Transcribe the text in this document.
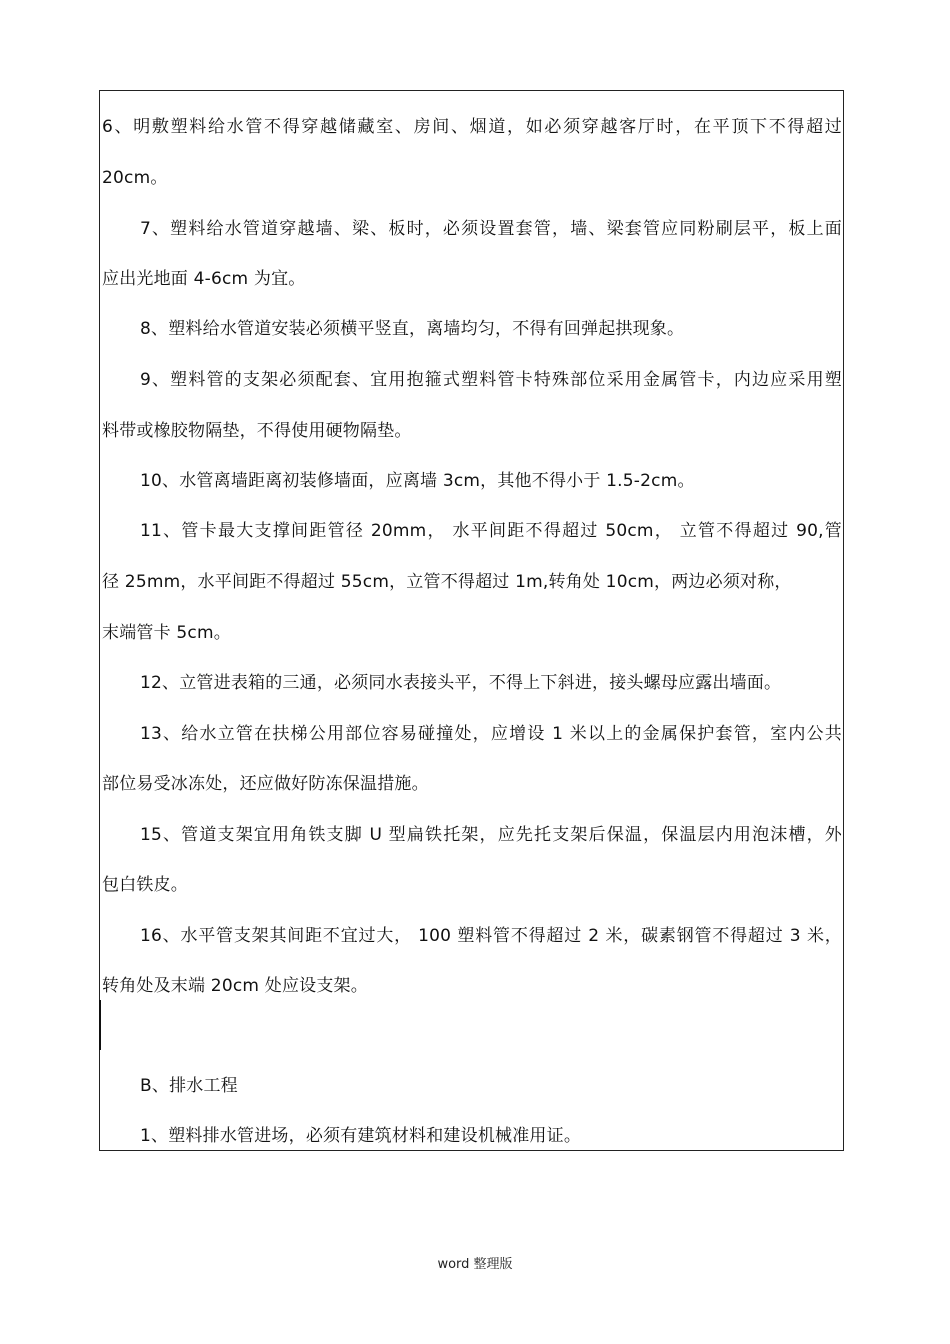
6、明敷塑料给水管不得穿越储藏室、房间、烟道，如必须穿越客厅时，在平顶下不得超过
20cm。
7、塑料给水管道穿越墙、梁、板时，必须设置套管，墙、梁套管应同粉刷层平，板上面
应出光地面 4-6cm 为宜。
8、塑料给水管道安装必须横平竖直，离墙均匀，不得有回弹起拱现象。
9、塑料管的支架必须配套、宜用抱箍式塑料管卡特殊部位采用金属管卡，内边应采用塑
料带或橡胶物隔垫，不得使用硬物隔垫。
10、水管离墙距离初装修墙面，应离墙 3cm，其他不得小于 1.5-2cm。
11、管卡最大支撑间距管径 20mm， 水平间距不得超过 50cm， 立管不得超过 90,管
径 25mm，水平间距不得超过 55cm，立管不得超过 1m,转角处 10cm，两边必须对称，
末端管卡 5cm。
12、立管进表箱的三通，必须同水表接头平，不得上下斜进，接头螺母应露出墙面。
13、给水立管在扶梯公用部位容易碰撞处，应增设 1 米以上的金属保护套管，室内公共
部位易受冰冻处，还应做好防冻保温措施。
15、管道支架宜用角铁支脚 U 型扁铁托架，应先托支架后保温，保温层内用泡沫槽，外
包白铁皮。
16、水平管支架其间距不宜过大， 100 塑料管不得超过 2 米，碳素钢管不得超过 3 米，
转角处及末端 20cm 处应设支架。
B、排水工程
1、塑料排水管进场，必须有建筑材料和建设机械准用证。
word 整理版
